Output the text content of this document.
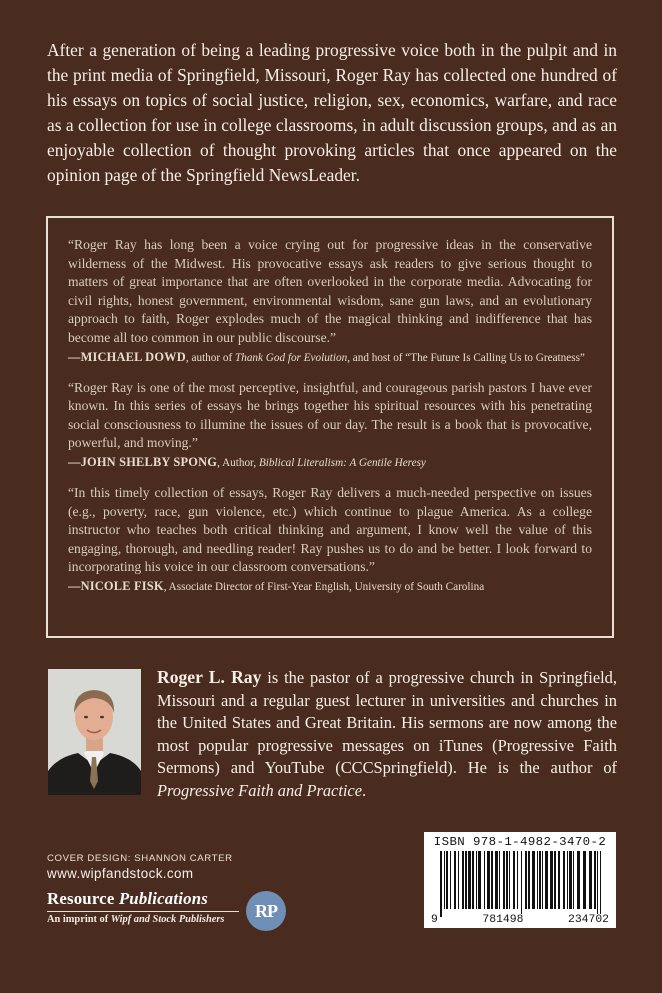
After a generation of being a leading progressive voice both in the pulpit and in the print media of Springfield, Missouri, Roger Ray has collected one hundred of his essays on topics of social justice, religion, sex, economics, warfare, and race as a collection for use in college classrooms, in adult discussion groups, and as an enjoyable collection of thought provoking articles that once appeared on the opinion page of the Springfield NewsLeader.

“Roger Ray has long been a voice crying out for progressive ideas in the conservative wilderness of the Midwest. His provocative essays ask readers to give serious thought to matters of great importance that are often overlooked in the corporate media. Advocating for civil rights, honest government, environmental wisdom, sane gun laws, and an evolutionary approach to faith, Roger explodes much of the magical thinking and indifference that has become all too common in our public discourse.”

—MICHAEL DOWD, author of Thank God for Evolution, and host of “The Future Is Calling Us to Greatness”

“Roger Ray is one of the most perceptive, insightful, and courageous parish pastors I have ever known. In this series of essays he brings together his spiritual resources with his penetrating social consciousness to illumine the issues of our day. The result is a book that is provocative, powerful, and moving.”

—JOHN SHELBY SPONG, Author, Biblical Literalism: A Gentile Heresy

“In this timely collection of essays, Roger Ray delivers a much-needed perspective on issues (e.g., poverty, race, gun violence, etc.) which continue to plague America. As a college instructor who teaches both critical thinking and argument, I know well the value of this engaging, thorough, and needling reader! Ray pushes us to do and be better. I look forward to incorporating his voice in our classroom conversations.”

—NICOLE FISK, Associate Director of First-Year English, University of South Carolina
Roger L. Ray is the pastor of a progressive church in Springfield, Missouri and a regular guest lecturer in universities and churches in the United States and Great Britain. His sermons are now among the most popular progressive messages on iTunes (Progressive Faith Sermons) and YouTube (CCCSpringfield). He is the author of Progressive Faith and Practice.
COVER DESIGN: SHANNON CARTER
www.wipfandstock.com
Resource Publications
An imprint of Wipf and Stock Publishers	RP
ISBN 978-1-4982-3470-2
9	781498	234702
